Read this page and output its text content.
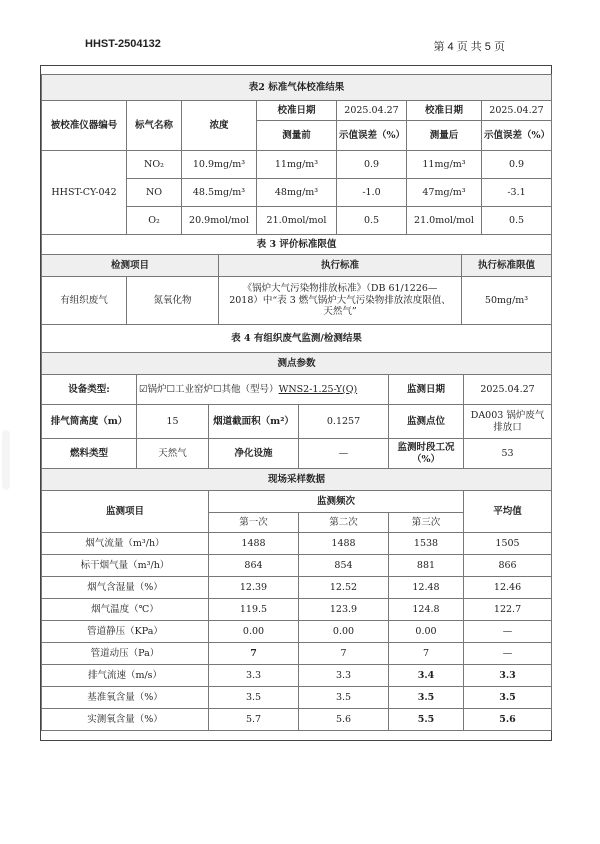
HHST-2504132	第 4 页 共 5 页
表2 标准气体校准结果						
被校准仪器编号	标气名称	浓度	校准日期	2025.04.27	校准日期	2025.04.27
			测量前	示值误差（%）	测量后	示值误差（%）
HHST-CY-042	NO₂	10.9mg/m³	11mg/m³	0.9	11mg/m³	0.9
	NO	48.5mg/m³	48mg/m³	-1.0	47mg/m³	-3.1
	O₂	20.9mol/mol	21.0mol/mol	0.5	21.0mol/mol	0.5
表 3 评价标准限值			
检测项目		执行标准	执行标准限值
有组织废气	氮氧化物	《锅炉大气污染物排放标准》（DB 61/1226—2018）中“表 3 燃气锅炉大气污染物排放浓度限值、天然气”	50mg/m³
表 4 有组织废气监测/检测结果					
测点参数					
设备类型:	☑锅炉☐工业窑炉☐其他（型号）WNS2-1.25-Y(Q)			监测日期	2025.04.27
排气筒高度（m）	15	烟道截面积（m²）	0.1257	监测点位	DA003 锅炉废气排放口
燃料类型	天然气	净化设施	—	监测时段工况（%）	53
现场采样数据					
监测项目		监测频次			平均值
		第一次	第二次	第三次	
烟气流量（m³/h）		1488	1488	1538	1505
标干烟气量（m³/h）		864	854	881	866
烟气含湿量（%）		12.39	12.52	12.48	12.46
烟气温度（℃）		119.5	123.9	124.8	122.7
管道静压（KPa）		0.00	0.00	0.00	—
管道动压（Pa）		7	7	7	—
排气流速（m/s）		3.3	3.3	3.4	3.3
基准氧含量（%）		3.5	3.5	3.5	3.5
实测氧含量（%）		5.7	5.6	5.5	5.6
